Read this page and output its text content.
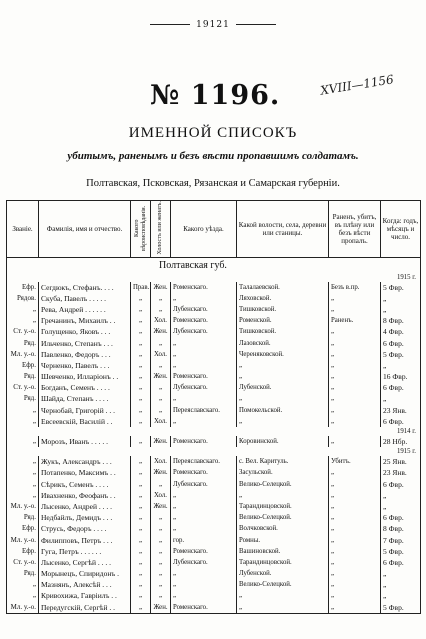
19121
№ 1196.	XVIII—1156
ИМЕННОЙ СПИСОКЪ
убитымъ, раненымъ и безъ вѣсти пропавшимъ солдатамъ.
Полтавская, Псковская, Рязанская и Самарская губерніи.
Званіе.	Фамилія, имя и отчество.	Какого вѣроисповѣданія.	Холостъ или женатъ.	Какого уѣзда.	Какой волости, села, деревни или станицы.	Раненъ, убитъ, въ плѣну или безъ вѣсти пропалъ.	Когда: годъ, мѣсяцъ и число.
Полтавская губ.							
1915 г.							
Ефр.	Сегдюкъ, Стефанъ. . . .	Прав.	Жен.	Роменскаго.	Талалаевской.	Безъ в.пр.	5 Фвр.
Рядов.	Скуба, Павелъ . . . . .	„	„	„	Ляховской.	„	„
„	Рева, Андрей . . . . . .	„	„	Лубенскаго.	Тишковской.	„	„
„	Гречанинъ, Михаилъ . .	„	Хол.	Роменскаго.	Роменской.	Раненъ.	8 Фвр.
Ст. у.-о.	Голущенко, Яковъ . . .	„	Жен.	Лубенскаго.	Тишковской.	„	4 Фвр.
Ряд.	Ильченко, Степанъ . . .	„	„	„	Лазовской.	„	6 Фвр.
Мл. у.-о.	Павленко, Федоръ . . .	„	Хол.	„	Череняковской.	„	5 Фвр.
Ефр.	Черненко, Павелъ . . .	„	„	„	„	„	„
Ряд.	Шевченко, Илларіонъ . .	„	Жен.	Роменскаго.	„	„	16 Фвр.
Ст. у.-о.	Богданъ, Семенъ . . . .	„	„	Лубенскаго.	Лубенской.	„	6 Фвр.
Ряд.	Шайда, Степанъ . . . .	„	„	„	„	„	„
„	Чернобай, Григорій . . .	„	„	Переяславскаго.	Помокельской.	„	23 Янв.
„	Евсеевскій, Василій . .	„	Хол.	„	„	„	6 Фвр.
1914 г.							
„	Морозъ, Иванъ . . . . .	„	Жен.	Роменскаго.	Коровинской.	„	28 Нбр.
1915 г.							
„	Жукъ, Александръ . . .	„	Хол.	Переяславскаго.	с. Вел. Каритуль.	Убитъ.	25 Янв.
„	Потапенко, Максимъ . .	„	Жен.	Роменскаго.	Засульской.	„	23 Янв.
„	Сѣрикъ, Семенъ . . . .	„	„	Лубенскаго.	Велико-Селецкой.	„	6 Фвр.
„	Ивахненко, Феофанъ . .	„	Хол.	„	„	„	„
Мл. у.-о.	Лысенко, Андрей . . . .	„	Жен.	„	Тарандинцовской.	„	„
Ряд.	Недбайлъ, Демидъ . . .	„	„	„	Велико-Селецкой.	„	6 Фвр.
Ефр.	Струсь, Федоръ . . . .	„	„	„	Волчковской.	„	8 Фвр.
Мл. у.-о.	Филипповъ, Петръ . . .	„	„	гор.	Ромны.	„	7 Фвр.
Ефр.	Гуга, Петръ . . . . . .	„	„	Роменскаго.	Вашиновской.	„	5 Фвр.
Ст. у.-о.	Лысенко, Сергѣй . . . .	„	„	Лубенскаго.	Тарандинцовской.	„	6 Фвр.
Ряд.	Морынецъ, Спиридонъ .	„	„	„	Лубенской.	„	„
„	Мазнянъ, Алексѣй . . .	„	„	„	Велико-Селецкой.	„	„
„	Кривохижа, Гавріилъ . .	„	„	„	„	„	„
Мл. у.-о.	Передугскій, Сергѣй . .	„	Жен.	Роменскаго.	„	„	5 Фвр.
